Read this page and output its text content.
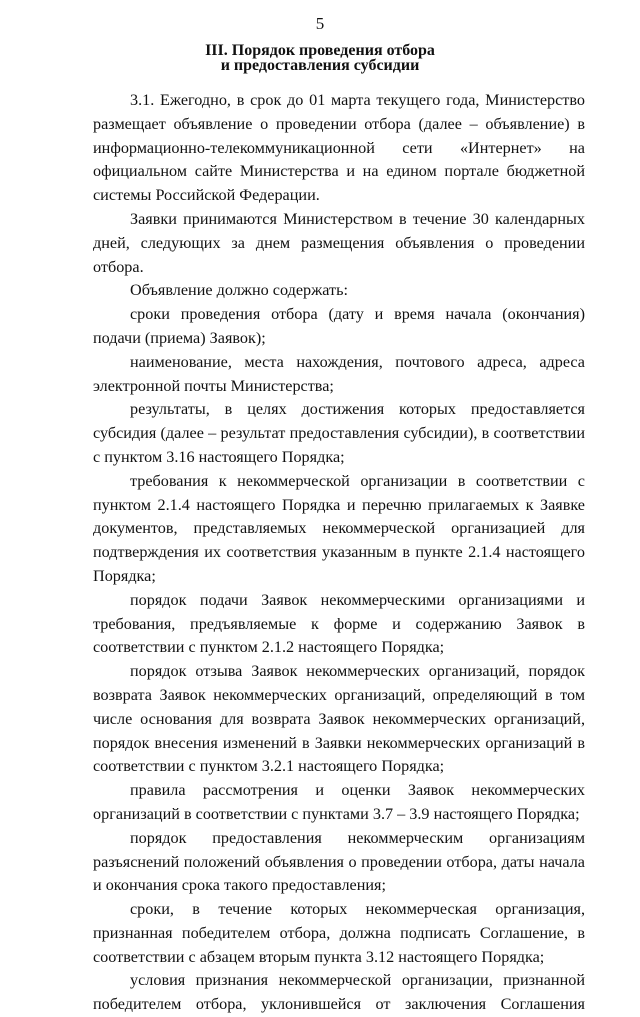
5
III. Порядок проведения отбора
и предоставления субсидии

3.1. Ежегодно, в срок до 01 марта текущего года, Министерство размещает объявление о проведении отбора (далее – объявление) в информационно-телекоммуникационной сети «Интернет» на официальном сайте Министерства и на едином портале бюджетной системы Российской Федерации.

Заявки принимаются Министерством в течение 30 календарных дней, следующих за днем размещения объявления о проведении отбора.

Объявление должно содержать:

сроки проведения отбора (дату и время начала (окончания) подачи (приема) Заявок);

наименование, места нахождения, почтового адреса, адреса электронной почты Министерства;

результаты, в целях достижения которых предоставляется субсидия (далее – результат предоставления субсидии), в соответствии с пунктом 3.16 настоящего Порядка;

требования к некоммерческой организации в соответствии с пунктом 2.1.4 настоящего Порядка и перечню прилагаемых к Заявке документов, представляемых некоммерческой организацией для подтверждения их соответствия указанным в пункте 2.1.4 настоящего Порядка;

порядок подачи Заявок некоммерческими организациями и требования, предъявляемые к форме и содержанию Заявок в соответствии с пунктом 2.1.2 настоящего Порядка;

порядок отзыва Заявок некоммерческих организаций, порядок возврата Заявок некоммерческих организаций, определяющий в том числе основания для возврата Заявок некоммерческих организаций, порядок внесения изменений в Заявки некоммерческих организаций в соответствии с пунктом 3.2.1 настоящего Порядка;

правила рассмотрения и оценки Заявок некоммерческих организаций в соответствии с пунктами 3.7 – 3.9 настоящего Порядка;

порядок предоставления некоммерческим организациям разъяснений положений объявления о проведении отбора, даты начала и окончания срока такого предоставления;

сроки, в течение которых некоммерческая организация, признанная победителем отбора, должна подписать Соглашение, в соответствии с абзацем вторым пункта 3.12 настоящего Порядка;

условия признания некоммерческой организации, признанной победителем отбора, уклонившейся от заключения Соглашения
